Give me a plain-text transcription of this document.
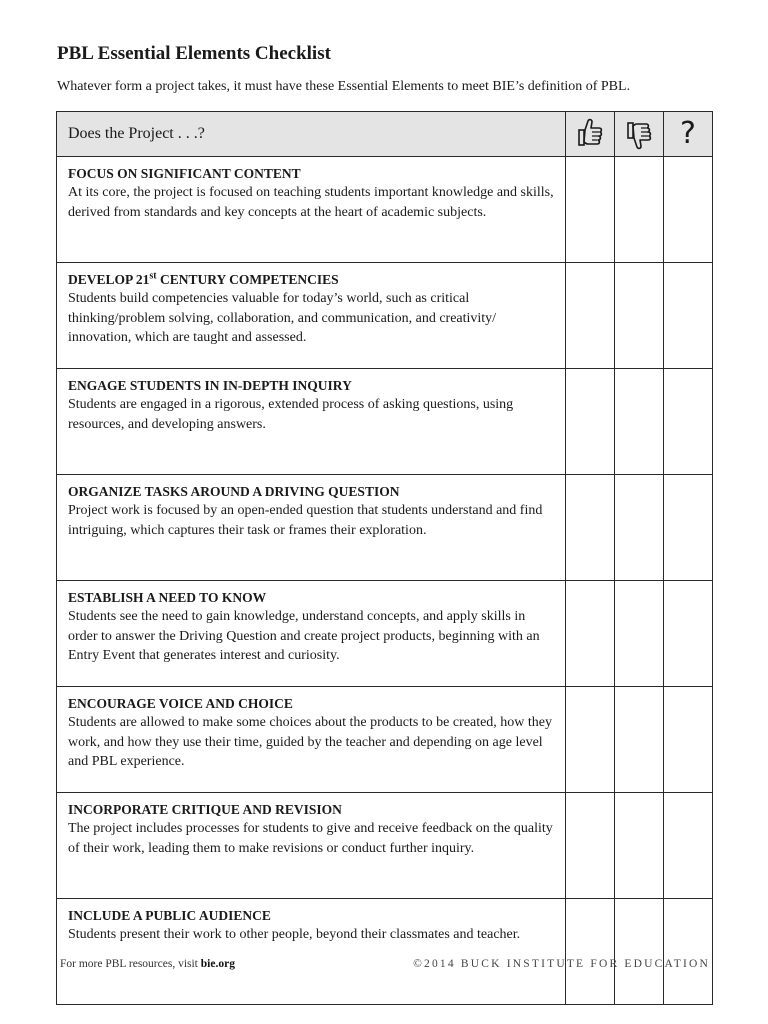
PBL Essential Elements Checklist

Whatever form a project takes, it must have these Essential Elements to meet BIE’s definition of PBL.

Does the Project . . .?			?

FOCUS ON SIGNIFICANT CONTENT

At its core, the project is focused on teaching students important knowledge and skills, derived from standards and key concepts at the heart of academic subjects.			

DEVELOP 21st CENTURY COMPETENCIES

Students build competencies valuable for today’s world, such as critical thinking/problem solving, collaboration, and communication, and creativity/ innovation, which are taught and assessed.			

ENGAGE STUDENTS IN IN-DEPTH INQUIRY

Students are engaged in a rigorous, extended process of asking questions, using resources, and developing answers.			

ORGANIZE TASKS AROUND A DRIVING QUESTION

Project work is focused by an open-ended question that students understand and find intriguing, which captures their task or frames their exploration.			

ESTABLISH A NEED TO KNOW

Students see the need to gain knowledge, understand concepts, and apply skills in order to answer the Driving Question and create project products, beginning with an Entry Event that generates interest and curiosity.			

ENCOURAGE VOICE AND CHOICE

Students are allowed to make some choices about the products to be created, how they work, and how they use their time, guided by the teacher and depending on age level and PBL experience.			

INCORPORATE CRITIQUE AND REVISION

The project includes processes for students to give and receive feedback on the quality of their work, leading them to make revisions or conduct further inquiry.			

INCLUDE A PUBLIC AUDIENCE

Students present their work to other people, beyond their classmates and teacher.			

For more PBL resources, visit bie.org	©2014 BUCK INSTITUTE FOR EDUCATION
